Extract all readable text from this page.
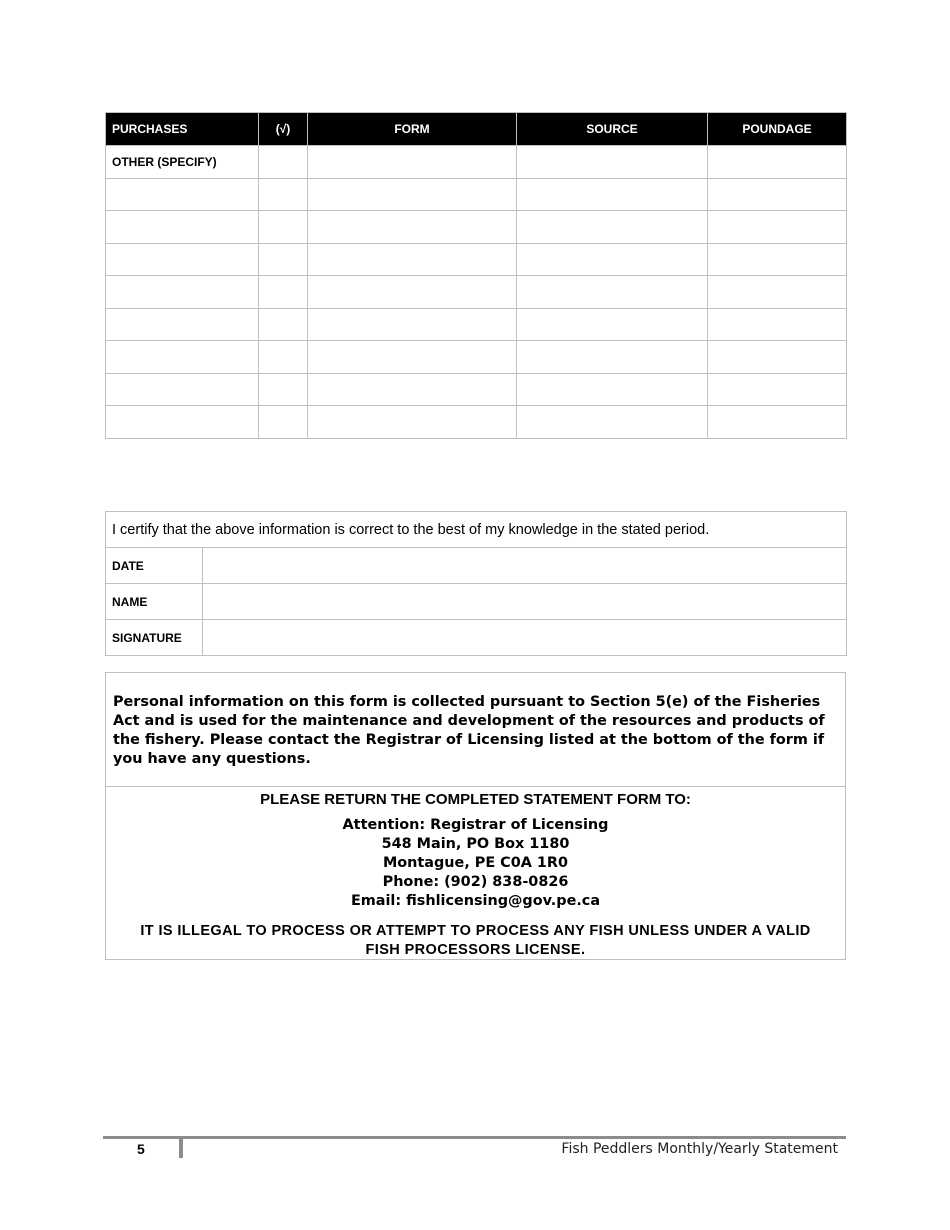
PURCHASES	(√)	FORM	SOURCE	POUNDAGE
OTHER (SPECIFY)				

I certify that the above information is correct to the best of my knowledge in the stated period.	
DATE	
NAME	
SIGNATURE	
Personal information on this form is collected pursuant to Section 5(e) of the Fisheries Act and is used for the maintenance and development of the resources and products of the fishery. Please contact the Registrar of Licensing listed at the bottom of the form if you have any questions.
PLEASE RETURN THE COMPLETED STATEMENT FORM TO:
Attention: Registrar of Licensing
548 Main, PO Box 1180
Montague, PE C0A 1R0
Phone: (902) 838-0826
Email: fishlicensing@gov.pe.ca
IT IS ILLEGAL TO PROCESS OR ATTEMPT TO PROCESS ANY FISH UNLESS UNDER A VALID FISH PROCESSORS LICENSE.
5	Fish Peddlers Monthly/Yearly Statement
